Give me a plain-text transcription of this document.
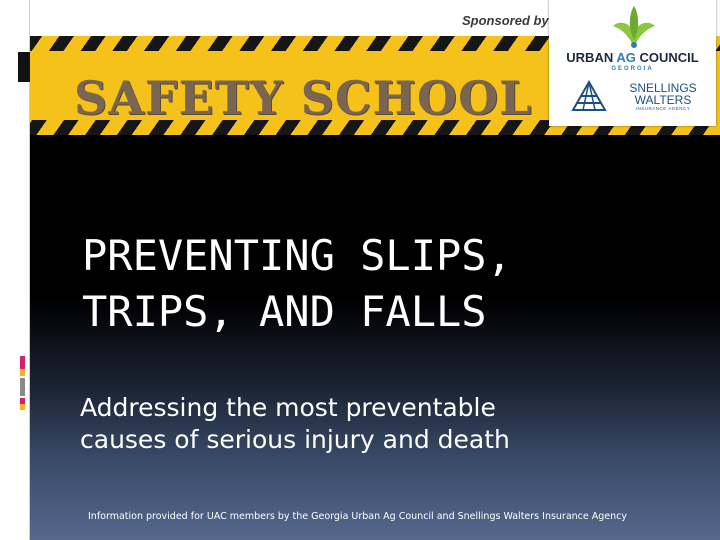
Sponsored by
SAFETY SCHOOL
URBAN AG COUNCIL
GEORGIA
SNELLINGS
WALTERS
INSURANCE AGENCY
PREVENTING SLIPS,
TRIPS, AND FALLS
Addressing the most preventable
causes of serious injury and death
Information provided for UAC members by the Georgia Urban Ag Council and Snellings Walters Insurance Agency
